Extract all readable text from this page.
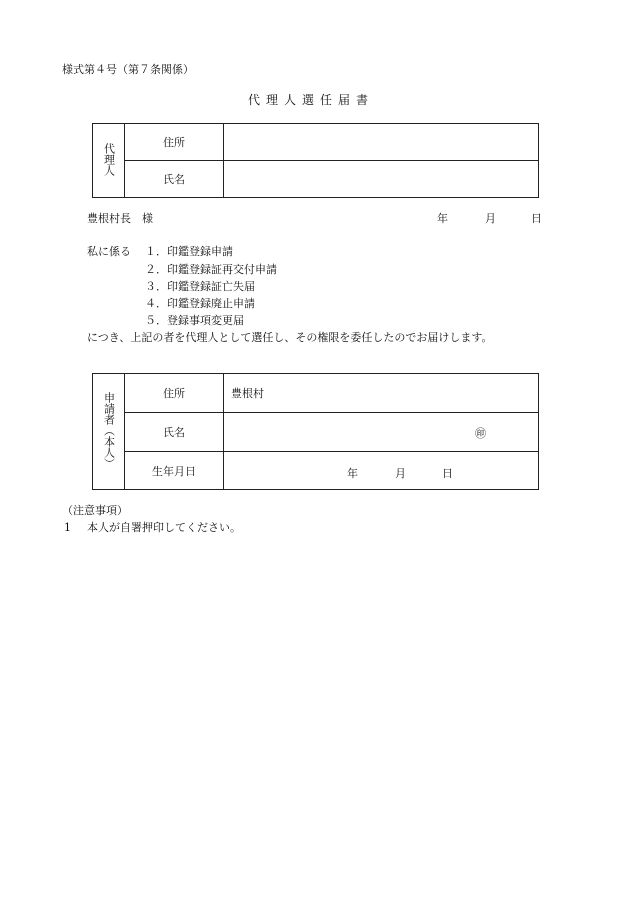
様式第４号（第７条関係）
代理人選任届書
代理人	住所	
	氏名	
豊根村長　様	年	月	日
私に係る １．印鑑登録申請
２．印鑑登録証再交付申請
３．印鑑登録証亡失届
４．印鑑登録廃止申請
５．登録事項変更届
につき、上記の者を代理人として選任し、その権限を委任したのでお届けします。
申請者（本人）	住所	豊根村
	氏名	㊞

	生年月日	年 月 日
（注意事項）
1 本人が自署押印してください。
